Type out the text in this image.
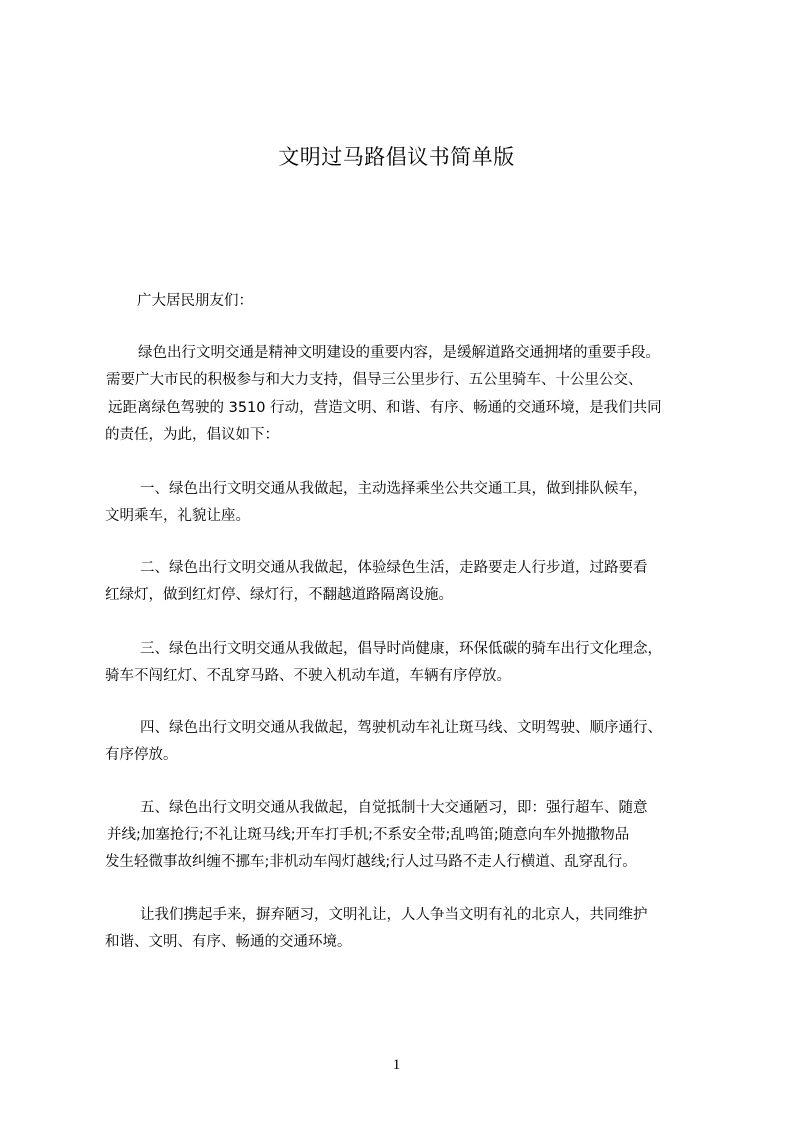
文明过马路倡议书简单版
广大居民朋友们：
绿色出行文明交通是精神文明建设的重要内容，是缓解道路交通拥堵的重要手段。
需要广大市民的积极参与和大力支持，倡导三公里步行、五公里骑车、十公里公交、
远距离绿色驾驶的 3510 行动，营造文明、和谐、有序、畅通的交通环境，是我们共同
的责任，为此，倡议如下：
一、绿色出行文明交通从我做起，主动选择乘坐公共交通工具，做到排队候车，
文明乘车，礼貌让座。
二、绿色出行文明交通从我做起，体验绿色生活，走路要走人行步道，过路要看
红绿灯，做到红灯停、绿灯行，不翻越道路隔离设施。
三、绿色出行文明交通从我做起，倡导时尚健康，环保低碳的骑车出行文化理念，
骑车不闯红灯、不乱穿马路、不驶入机动车道，车辆有序停放。
四、绿色出行文明交通从我做起，驾驶机动车礼让斑马线、文明驾驶、顺序通行、
有序停放。
五、绿色出行文明交通从我做起，自觉抵制十大交通陋习，即：强行超车、随意
并线;加塞抢行;不礼让斑马线;开车打手机;不系安全带;乱鸣笛;随意向车外抛撒物品
发生轻微事故纠缠不挪车;非机动车闯灯越线;行人过马路不走人行横道、乱穿乱行。
让我们携起手来，摒弃陋习，文明礼让，人人争当文明有礼的北京人，共同维护
和谐、文明、有序、畅通的交通环境。
1
